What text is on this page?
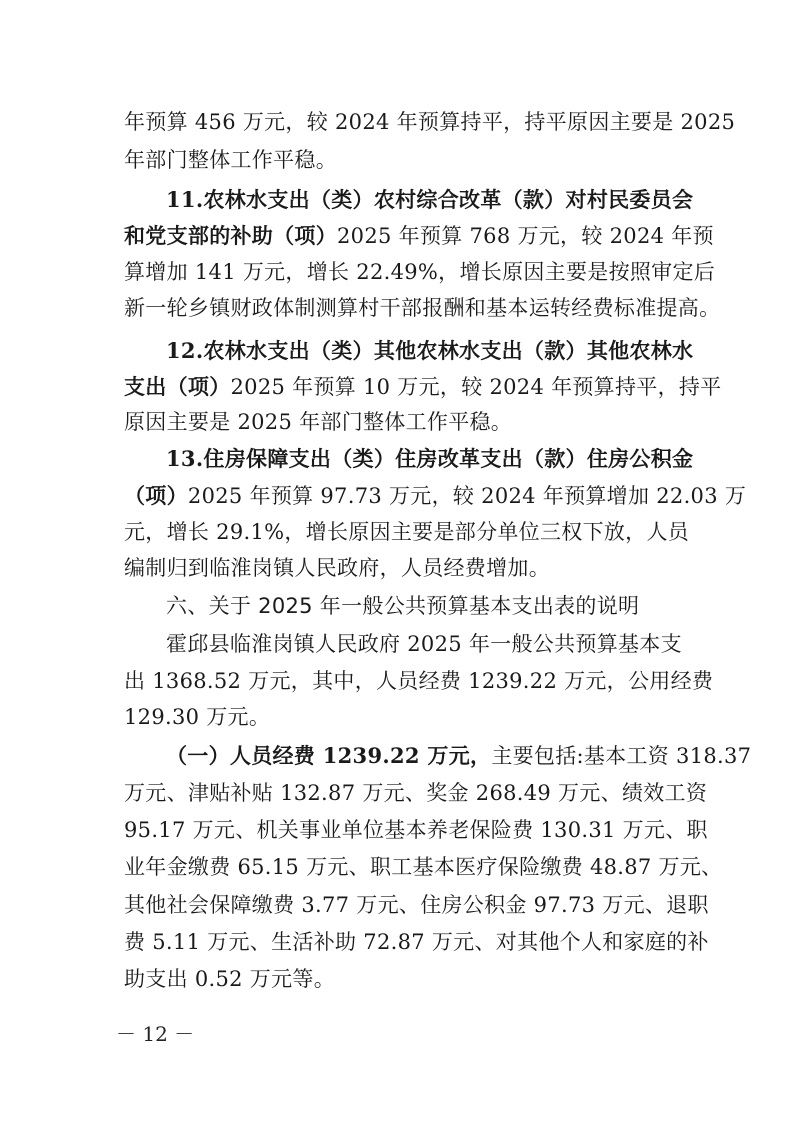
年预算 456 万元，较 2024 年预算持平，持平原因主要是 2025
年部门整体工作平稳。
11.农林水支出（类）农村综合改革（款）对村民委员会
和党支部的补助（项）2025 年预算 768 万元，较 2024 年预
算增加 141 万元，增长 22.49%，增长原因主要是按照审定后
新一轮乡镇财政体制测算村干部报酬和基本运转经费标准提高。
12.农林水支出（类）其他农林水支出（款）其他农林水
支出（项）2025 年预算 10 万元，较 2024 年预算持平，持平
原因主要是 2025 年部门整体工作平稳。
13.住房保障支出（类）住房改革支出（款）住房公积金
（项）2025 年预算 97.73 万元，较 2024 年预算增加 22.03 万
元，增长 29.1%，增长原因主要是部分单位三权下放，人员
编制归到临淮岗镇人民政府，人员经费增加。
六、关于 2025 年一般公共预算基本支出表的说明
霍邱县临淮岗镇人民政府 2025 年一般公共预算基本支
出 1368.52 万元，其中，人员经费 1239.22 万元，公用经费
129.30 万元。
（一）人员经费 1239.22 万元，主要包括:基本工资 318.37
万元、津贴补贴 132.87 万元、奖金 268.49 万元、绩效工资
95.17 万元、机关事业单位基本养老保险费 130.31 万元、职
业年金缴费 65.15 万元、职工基本医疗保险缴费 48.87 万元、
其他社会保障缴费 3.77 万元、住房公积金 97.73 万元、退职
费 5.11 万元、生活补助 72.87 万元、对其他个人和家庭的补
助支出 0.52 万元等。
－ 12 －
